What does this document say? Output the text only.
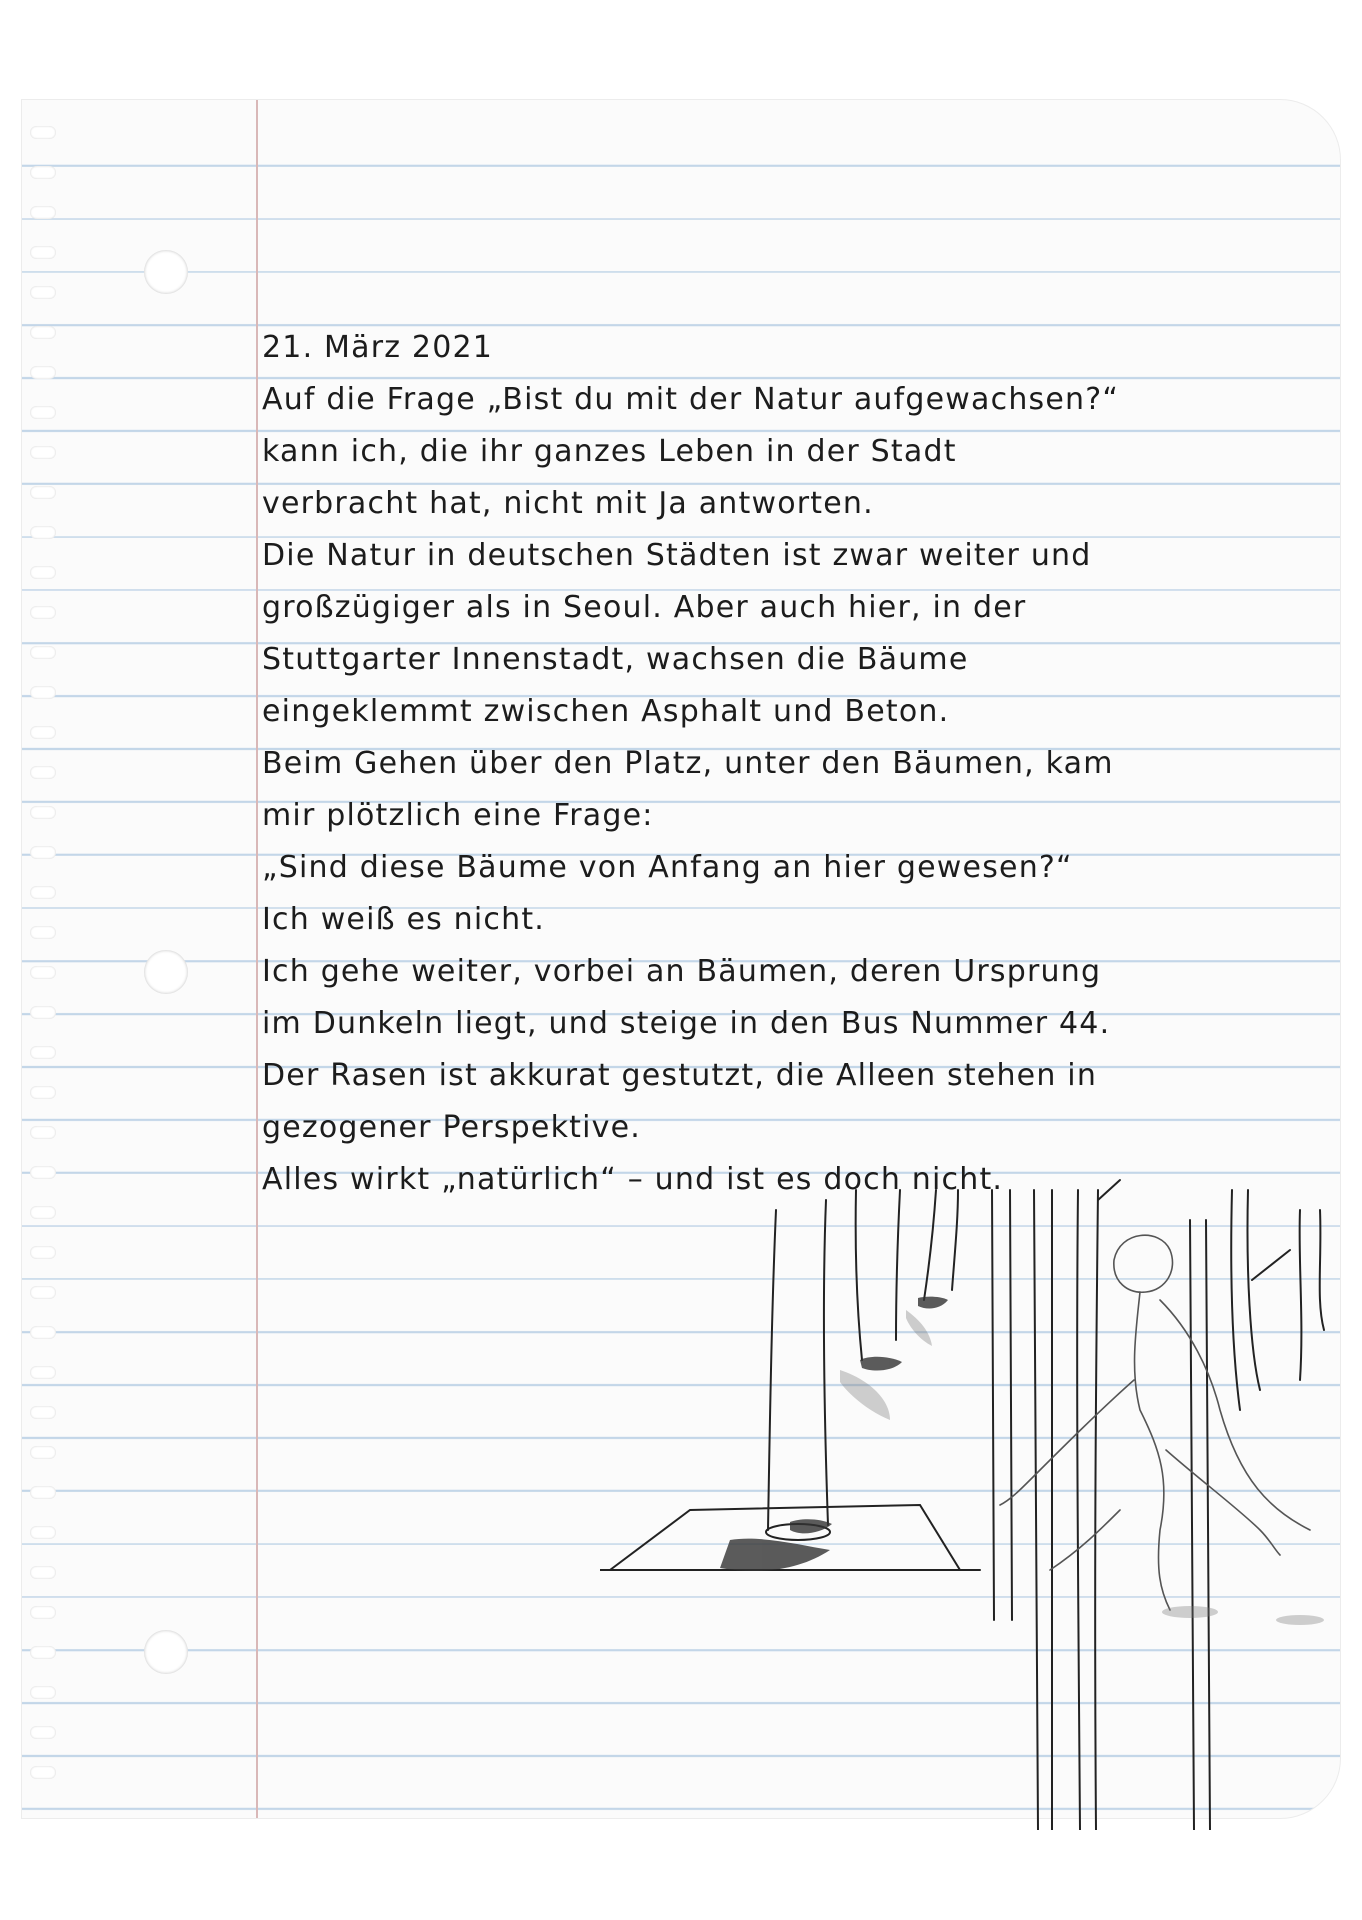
21. März 2021
Auf die Frage „Bist du mit der Natur aufgewachsen?“
kann ich, die ihr ganzes Leben in der Stadt
verbracht hat, nicht mit Ja antworten.
Die Natur in deutschen Städten ist zwar weiter und
großzügiger als in Seoul. Aber auch hier, in der
Stuttgarter Innenstadt, wachsen die Bäume
eingeklemmt zwischen Asphalt und Beton.
Beim Gehen über den Platz, unter den Bäumen, kam
mir plötzlich eine Frage:
„Sind diese Bäume von Anfang an hier gewesen?“
Ich weiß es nicht.
Ich gehe weiter, vorbei an Bäumen, deren Ursprung
im Dunkeln liegt, und steige in den Bus Nummer 44.
Der Rasen ist akkurat gestutzt, die Alleen stehen in
gezogener Perspektive.
Alles wirkt „natürlich“ – und ist es doch nicht.
